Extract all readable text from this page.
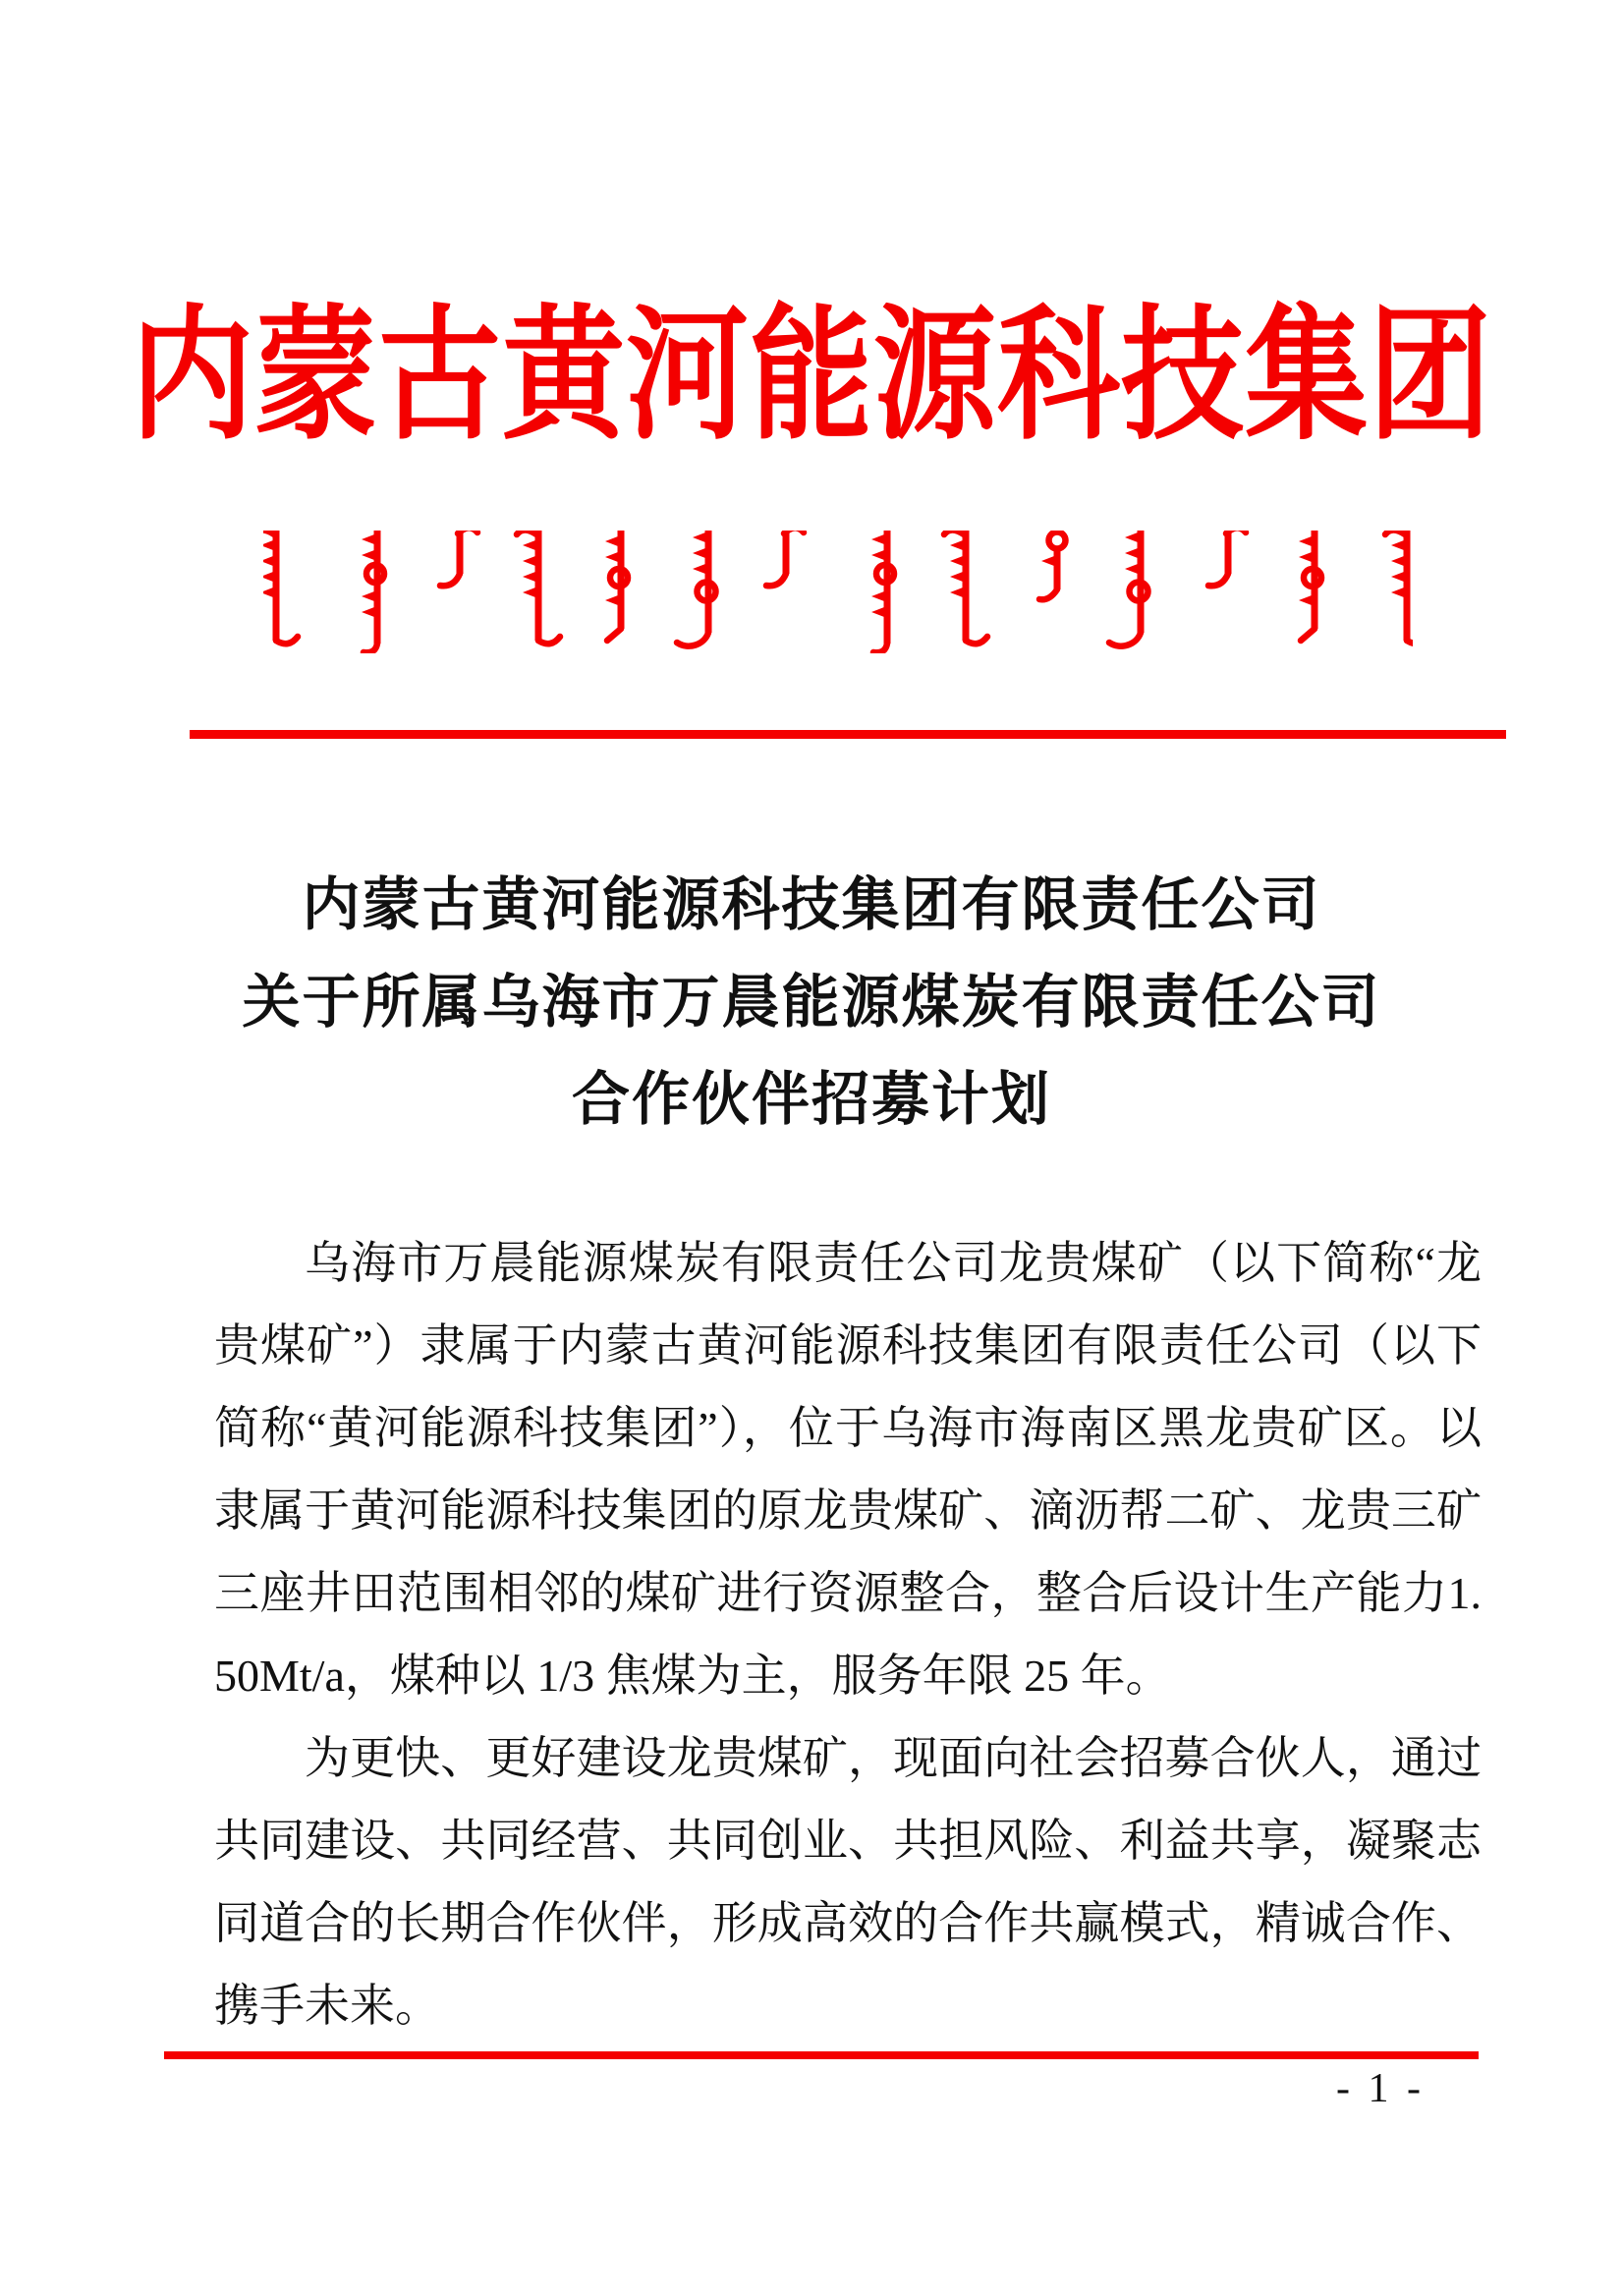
内蒙古黄河能源科技集团
内蒙古黄河能源科技集团有限责任公司
关于所属乌海市万晨能源煤炭有限责任公司
合作伙伴招募计划

乌海市万晨能源煤炭有限责任公司龙贵煤矿（以下简称“龙贵煤矿”）隶属于内蒙古黄河能源科技集团有限责任公司（以下简称“黄河能源科技集团”），位于乌海市海南区黑龙贵矿区。以隶属于黄河能源科技集团的原龙贵煤矿、滴沥帮二矿、龙贵三矿三座井田范围相邻的煤矿进行资源整合，整合后设计生产能力1.50Mt/a，煤种以 1/3 焦煤为主，服务年限 25 年。

为更快、更好建设龙贵煤矿，现面向社会招募合伙人，通过共同建设、共同经营、共同创业、共担风险、利益共享，凝聚志同道合的长期合作伙伴，形成高效的合作共赢模式，精诚合作、携手未来。

- 1 -
